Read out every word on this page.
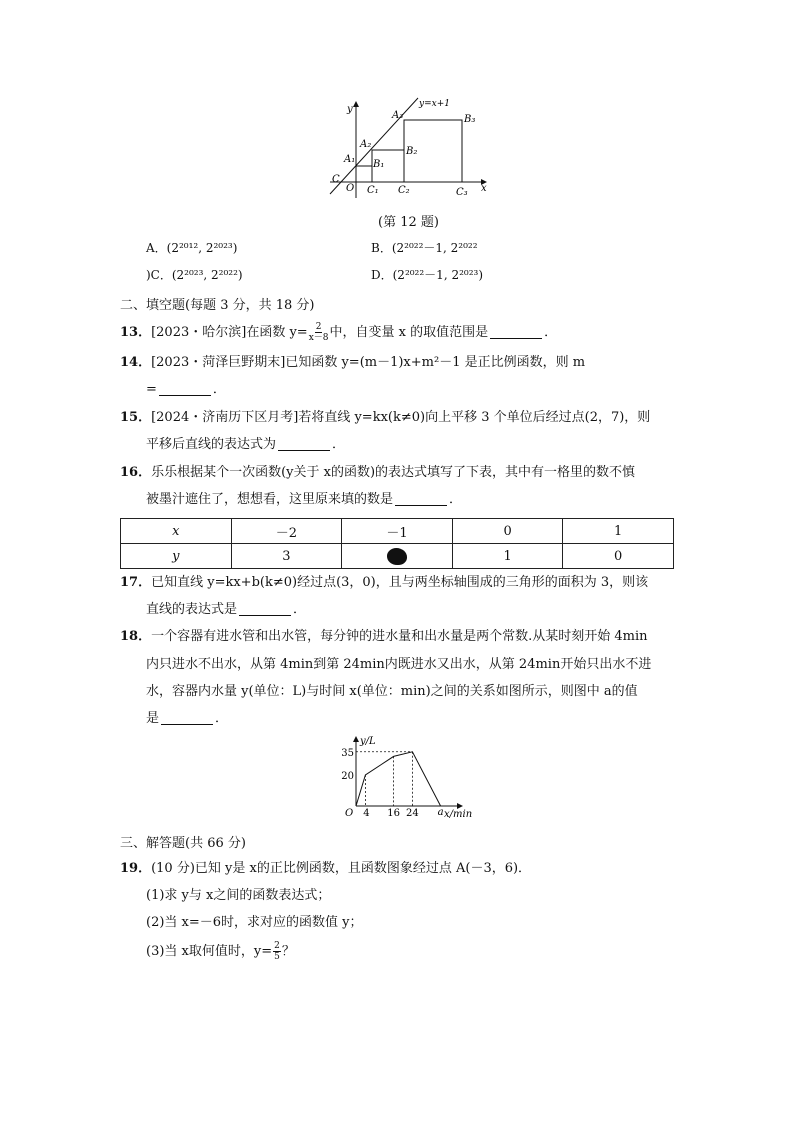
y=x+1
x
y
O
C
A₁
A₂
A₃
B₁
B₂
B₃
C₁ C₂	C₃
(第 12 题)
A．(2²⁰¹², 2²⁰²³)	B．(2²⁰²²－1, 2²⁰²²
)C．(2²⁰²³, 2²⁰²²)	D．(2²⁰²²－1, 2²⁰²³)
二、填空题(每题 3 分，共 18 分)
13．[2023・哈尔滨]在函数 $y= \frac{2}{x-8}$ 中，自变量 x 的取值范围是	．
14．[2023・菏泽巨野期末]已知函数 y=(m－1)x+m²－1 是正比例函数，则 m
=	．
15．[2024・济南历下区月考]若将直线 y=kx(k≠0)向上平移 3 个单位后经过点(2，7)，则
平移后直线的表达式为	．
16．乐乐根据某个一次函数(y关于 x的函数)的表达式填写了下表，其中有一格里的数不慎
被墨汁遮住了，想想看，这里原来填的数是	．
x	－2	－1	0	1
y	3		1	0
17．已知直线 y=kx+b(k≠0)经过点(3，0)，且与两坐标轴围成的三角形的面积为 3，则该
直线的表达式是	．
18．一个容器有进水管和出水管，每分钟的进水量和出水量是两个常数.从某时刻开始 4min
内只进水不出水，从第 4min到第 24min内既进水又出水，从第 24min开始只出水不进
水，容器内水量 y(单位：L)与时间 x(单位：min)之间的关系如图所示，则图中 a的值
是	．
y/L
x/min
O
35
20
4 16 24 a
三、解答题(共 66 分)
19．(10 分)已知 y是 x的正比例函数，且函数图象经过点 A(－3，6)．
(1)求 y与 x之间的函数表达式；
(2)当 x=－6时，求对应的函数值 y；
(3)当 x取何值时，$y= \frac{2}{5}$ ？
